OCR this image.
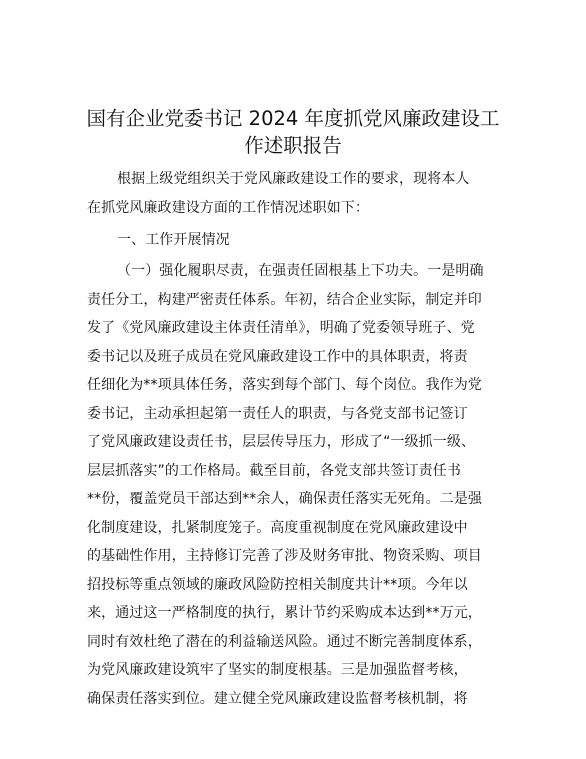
国有企业党委书记 2024 年度抓党风廉政建设工
作述职报告
根据上级党组织关于党风廉政建设工作的要求，现将本人
在抓党风廉政建设方面的工作情况述职如下：
一、工作开展情况
（一）强化履职尽责，在强责任固根基上下功夫。一是明确
责任分工，构建严密责任体系。年初，结合企业实际，制定并印
发了《党风廉政建设主体责任清单》，明确了党委领导班子、党
委书记以及班子成员在党风廉政建设工作中的具体职责，将责
任细化为**项具体任务，落实到每个部门、每个岗位。我作为党
委书记，主动承担起第一责任人的职责，与各党支部书记签订
了党风廉政建设责任书，层层传导压力，形成了“一级抓一级、
层层抓落实”的工作格局。截至目前，各党支部共签订责任书
**份，覆盖党员干部达到**余人，确保责任落实无死角。二是强
化制度建设，扎紧制度笼子。高度重视制度在党风廉政建设中
的基础性作用，主持修订完善了涉及财务审批、物资采购、项目
招投标等重点领域的廉政风险防控相关制度共计**项。今年以
来，通过这一严格制度的执行，累计节约采购成本达到**万元，
同时有效杜绝了潜在的利益输送风险。通过不断完善制度体系，
为党风廉政建设筑牢了坚实的制度根基。三是加强监督考核，
确保责任落实到位。建立健全党风廉政建设监督考核机制，将
